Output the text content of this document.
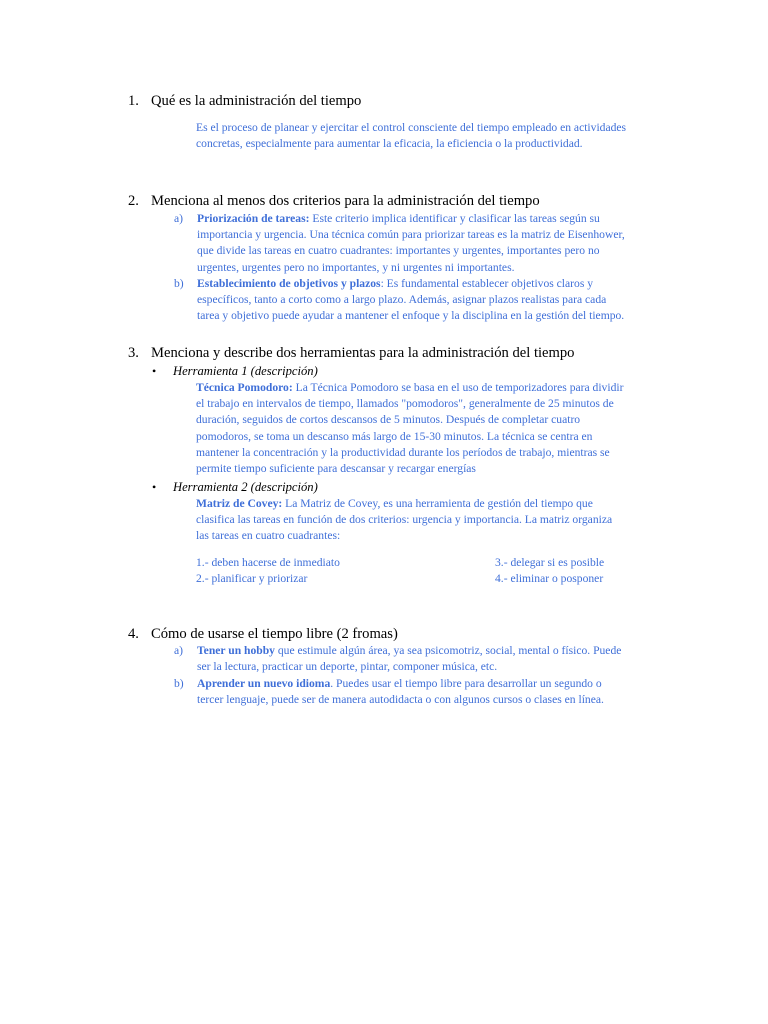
1. Qué es la administración del tiempo
Es el proceso de planear y ejercitar el control consciente del tiempo empleado en actividades
concretas, especialmente para aumentar la eficacia, la eficiencia o la productividad.
2. Menciona al menos dos criterios para la administración del tiempo
a) Priorización de tareas: Este criterio implica identificar y clasificar las tareas según su
importancia y urgencia. Una técnica común para priorizar tareas es la matriz de Eisenhower,
que divide las tareas en cuatro cuadrantes: importantes y urgentes, importantes pero no
urgentes, urgentes pero no importantes, y ni urgentes ni importantes.
b) Establecimiento de objetivos y plazos: Es fundamental establecer objetivos claros y
específicos, tanto a corto como a largo plazo. Además, asignar plazos realistas para cada
tarea y objetivo puede ayudar a mantener el enfoque y la disciplina en la gestión del tiempo.
3. Menciona y describe dos herramientas para la administración del tiempo
• Herramienta 1 (descripción)
Técnica Pomodoro: La Técnica Pomodoro se basa en el uso de temporizadores para dividir
el trabajo en intervalos de tiempo, llamados "pomodoros", generalmente de 25 minutos de
duración, seguidos de cortos descansos de 5 minutos. Después de completar cuatro
pomodoros, se toma un descanso más largo de 15-30 minutos. La técnica se centra en
mantener la concentración y la productividad durante los períodos de trabajo, mientras se
permite tiempo suficiente para descansar y recargar energías
• Herramienta 2 (descripción)
Matriz de Covey: La Matriz de Covey, es una herramienta de gestión del tiempo que
clasifica las tareas en función de dos criterios: urgencia y importancia. La matriz organiza
las tareas en cuatro cuadrantes:
1.- deben hacerse de inmediato
2.- planificar y priorizar
3.- delegar si es posible
4.- eliminar o posponer
4. Cómo de usarse el tiempo libre (2 fromas)
a) Tener un hobby que estimule algún área, ya sea psicomotriz, social, mental o físico. Puede
ser la lectura, practicar un deporte, pintar, componer música, etc.
b) Aprender un nuevo idioma. Puedes usar el tiempo libre para desarrollar un segundo o
tercer lenguaje, puede ser de manera autodidacta o con algunos cursos o clases en línea.
